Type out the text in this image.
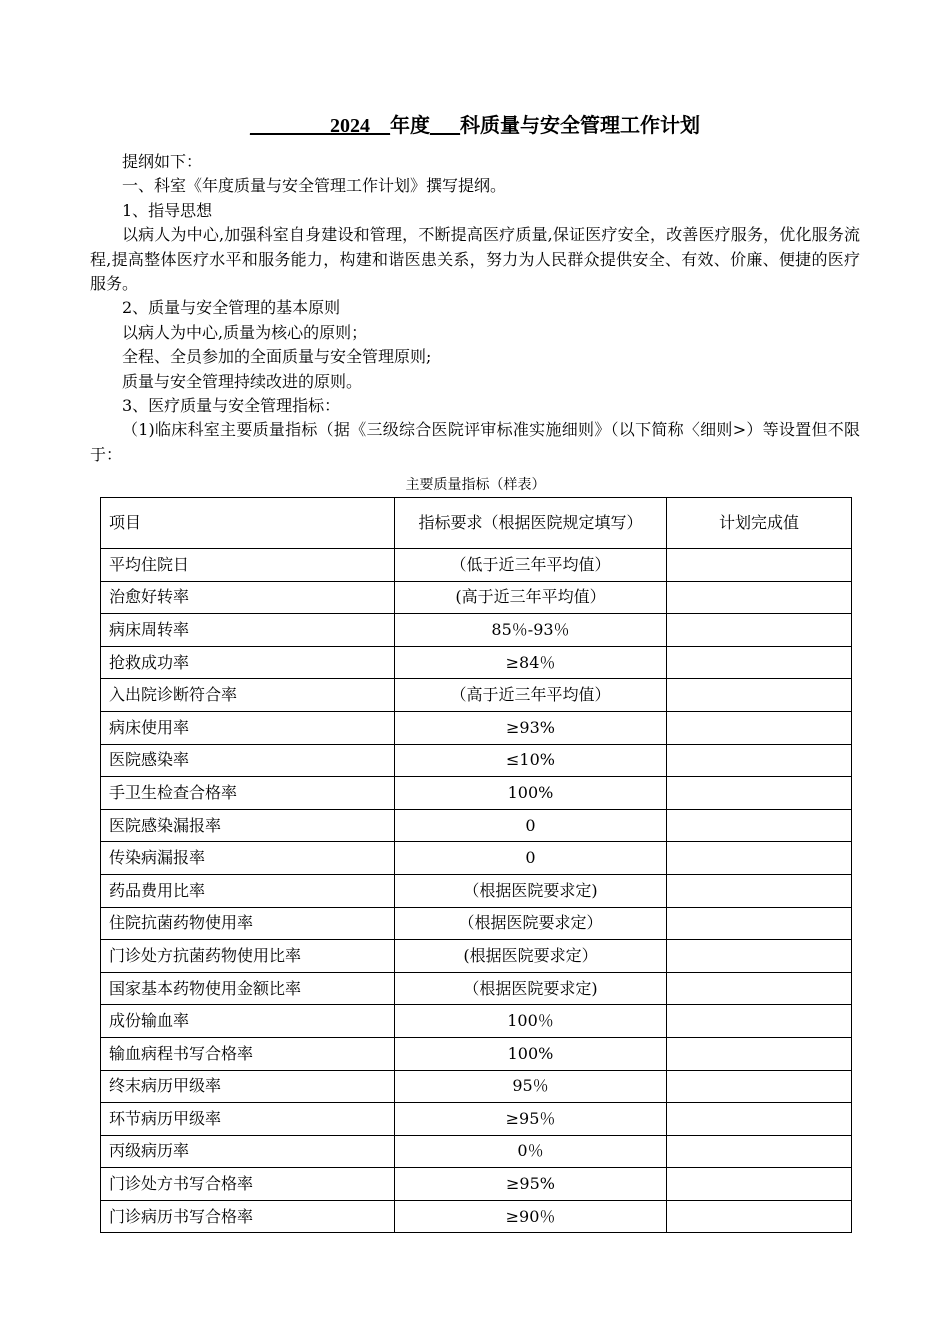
________2024__年度___科质量与安全管理工作计划

提纲如下：

一、科室《年度质量与安全管理工作计划》撰写提纲。

1、指导思想

以病人为中心,加强科室自身建设和管理，不断提高医疗质量,保证医疗安全，改善医疗服务，优化服务流程,提高整体医疗水平和服务能力，构建和谐医患关系，努力为人民群众提供安全、有效、价廉、便捷的医疗服务。

2、质量与安全管理的基本原则

以病人为中心,质量为核心的原则；

全程、全员参加的全面质量与安全管理原则;

质量与安全管理持续改进的原则。

3、医疗质量与安全管理指标：

（1)临床科室主要质量指标（据《三级综合医院评审标准实施细则》（以下简称〈细则>）等设置但不限于：

主要质量指标（样表）
项目	指标要求（根据医院规定填写）	计划完成值
平均住院日	（低于近三年平均值）	
治愈好转率	(高于近三年平均值）	
病床周转率	85％-93％	
抢救成功率	≥84％	
入出院诊断符合率	（高于近三年平均值）	
病床使用率	≥93%	
医院感染率	≤10%	
手卫生检查合格率	100%	
医院感染漏报率	0	
传染病漏报率	0	
药品费用比率	（根据医院要求定)	
住院抗菌药物使用率	（根据医院要求定）	
门诊处方抗菌药物使用比率	(根据医院要求定）	
国家基本药物使用金额比率	（根据医院要求定)	
成份输血率	100％	
输血病程书写合格率	100%	
终末病历甲级率	95％	
环节病历甲级率	≥95％	
丙级病历率	0％	
门诊处方书写合格率	≥95%	
门诊病历书写合格率	≥90％	
